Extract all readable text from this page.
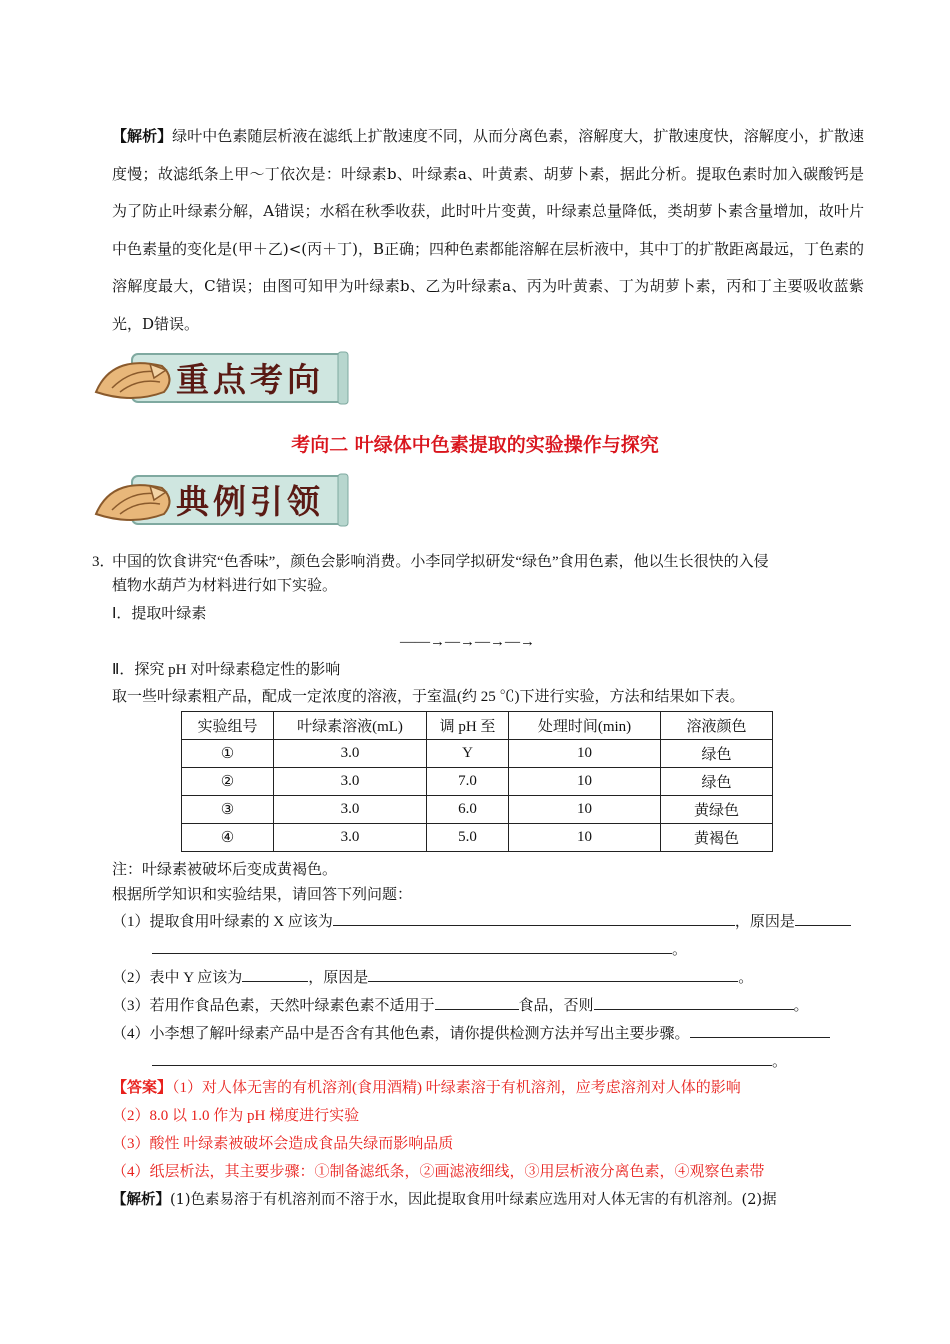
【解析】绿叶中色素随层析液在滤纸上扩散速度不同，从而分离色素，溶解度大，扩散速度快，溶解度小，扩散速度慢；故滤纸条上甲～丁依次是：叶绿素b、叶绿素a、叶黄素、胡萝卜素，据此分析。提取色素时加入碳酸钙是为了防止叶绿素分解，A错误；水稻在秋季收获，此时叶片变黄，叶绿素总量降低，类胡萝卜素含量增加，故叶片中色素量的变化是(甲＋乙)<(丙＋丁)，B正确；四种色素都能溶解在层析液中，其中丁的扩散距离最远，丁色素的溶解度最大，C错误；由图可知甲为叶绿素b、乙为叶绿素a、丙为叶黄素、丁为胡萝卜素，丙和丁主要吸收蓝紫光，D错误。
重点考向
考向二 叶绿体中色素提取的实验操作与探究
典例引领
3．
中国的饮食讲究“色香味”，颜色会影响消费。小李同学拟研发“绿色”食用色素，他以生长很快的入侵
植物水葫芦为材料进行如下实验。
Ⅰ．提取叶绿素
——→—→—→—→
Ⅱ．探究 pH 对叶绿素稳定性的影响
取一些叶绿素粗产品，配成一定浓度的溶液，于室温(约 25 ℃)下进行实验，方法和结果如下表。
实验组号	叶绿素溶液(mL)	调 pH 至	处理时间(min)	溶液颜色
①	3.0	Y	10	绿色
②	3.0	7.0	10	绿色
③	3.0	6.0	10	黄绿色
④	3.0	5.0	10	黄褐色
注：叶绿素被破坏后变成黄褐色。
根据所学知识和实验结果，请回答下列问题：
（1）提取食用叶绿素的 X 应该为	，原因是
。
（2）表中 Y 应该为	，原因是	。
（3）若用作食品色素，天然叶绿素色素不适用于	食品，否则	。
（4）小李想了解叶绿素产品中是否含有其他色素，请你提供检测方法并写出主要步骤。
。
【答案】（1）对人体无害的有机溶剂(食用酒精) 叶绿素溶于有机溶剂，应考虑溶剂对人体的影响
（2）8.0 以 1.0 作为 pH 梯度进行实验
（3）酸性 叶绿素被破坏会造成食品失绿而影响品质
（4）纸层析法，其主要步骤：①制备滤纸条，②画滤液细线，③用层析液分离色素，④观察色素带
【解析】(1)色素易溶于有机溶剂而不溶于水，因此提取食用叶绿素应选用对人体无害的有机溶剂。(2)据
